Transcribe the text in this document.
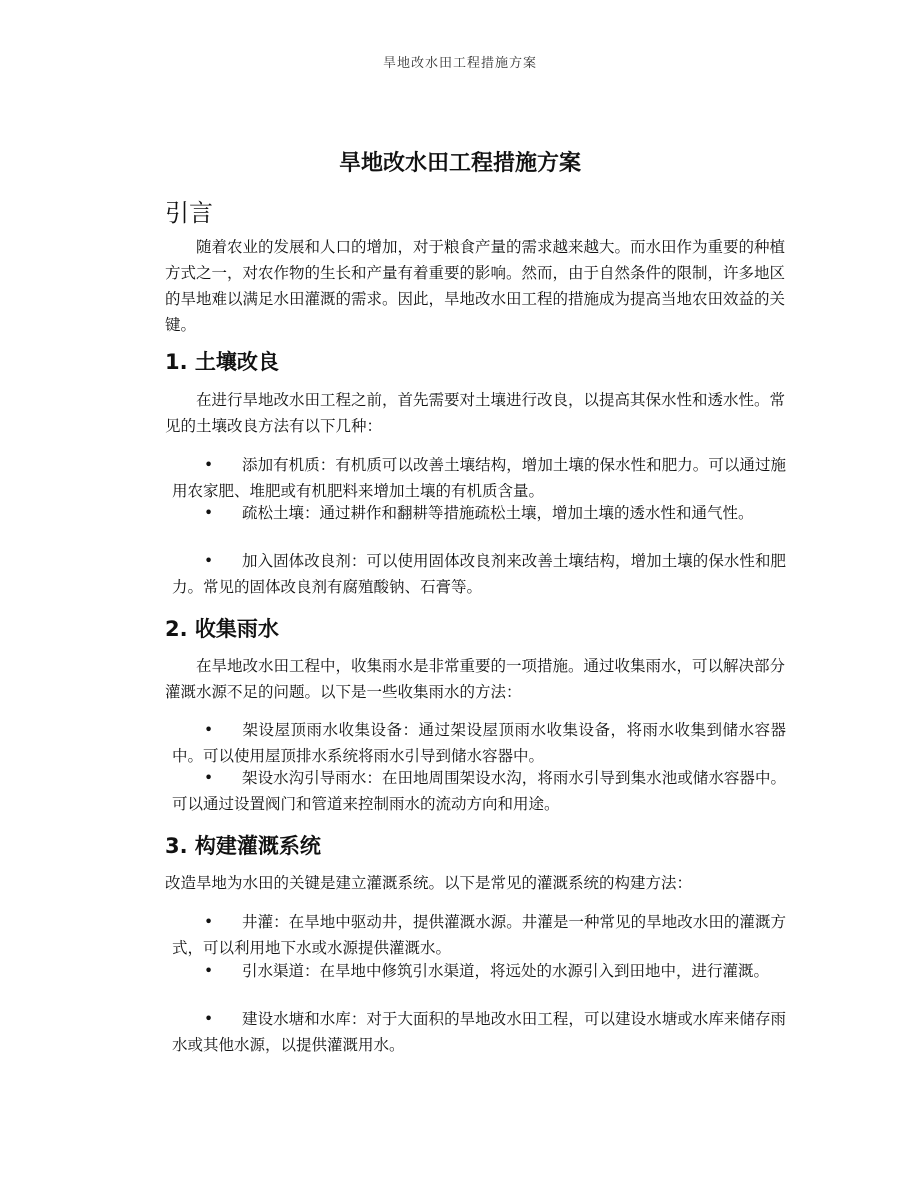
旱地改水田工程措施方案
旱地改水田工程措施方案
引言

随着农业的发展和人口的增加，对于粮食产量的需求越来越大。而水田作为重要的种植方式之一，对农作物的生长和产量有着重要的影响。然而，由于自然条件的限制，许多地区的旱地难以满足水田灌溉的需求。因此，旱地改水田工程的措施成为提高当地农田效益的关键。

1. 土壤改良

在进行旱地改水田工程之前，首先需要对土壤进行改良，以提高其保水性和透水性。常见的土壤改良方法有以下几种：

• 添加有机质：有机质可以改善土壤结构，增加土壤的保水性和肥力。可以通过施用农家肥、堆肥或有机肥料来增加土壤的有机质含量。

• 疏松土壤：通过耕作和翻耕等措施疏松土壤，增加土壤的透水性和通气性。

• 加入固体改良剂：可以使用固体改良剂来改善土壤结构，增加土壤的保水性和肥力。常见的固体改良剂有腐殖酸钠、石膏等。

2. 收集雨水

在旱地改水田工程中，收集雨水是非常重要的一项措施。通过收集雨水，可以解决部分灌溉水源不足的问题。以下是一些收集雨水的方法：

• 架设屋顶雨水收集设备：通过架设屋顶雨水收集设备，将雨水收集到储水容器中。可以使用屋顶排水系统将雨水引导到储水容器中。

• 架设水沟引导雨水：在田地周围架设水沟，将雨水引导到集水池或储水容器中。可以通过设置阀门和管道来控制雨水的流动方向和用途。

3. 构建灌溉系统

改造旱地为水田的关键是建立灌溉系统。以下是常见的灌溉系统的构建方法：

• 井灌：在旱地中驱动井，提供灌溉水源。井灌是一种常见的旱地改水田的灌溉方式，可以利用地下水或水源提供灌溉水。

• 引水渠道：在旱地中修筑引水渠道，将远处的水源引入到田地中，进行灌溉。

• 建设水塘和水库：对于大面积的旱地改水田工程，可以建设水塘或水库来储存雨水或其他水源，以提供灌溉用水。
